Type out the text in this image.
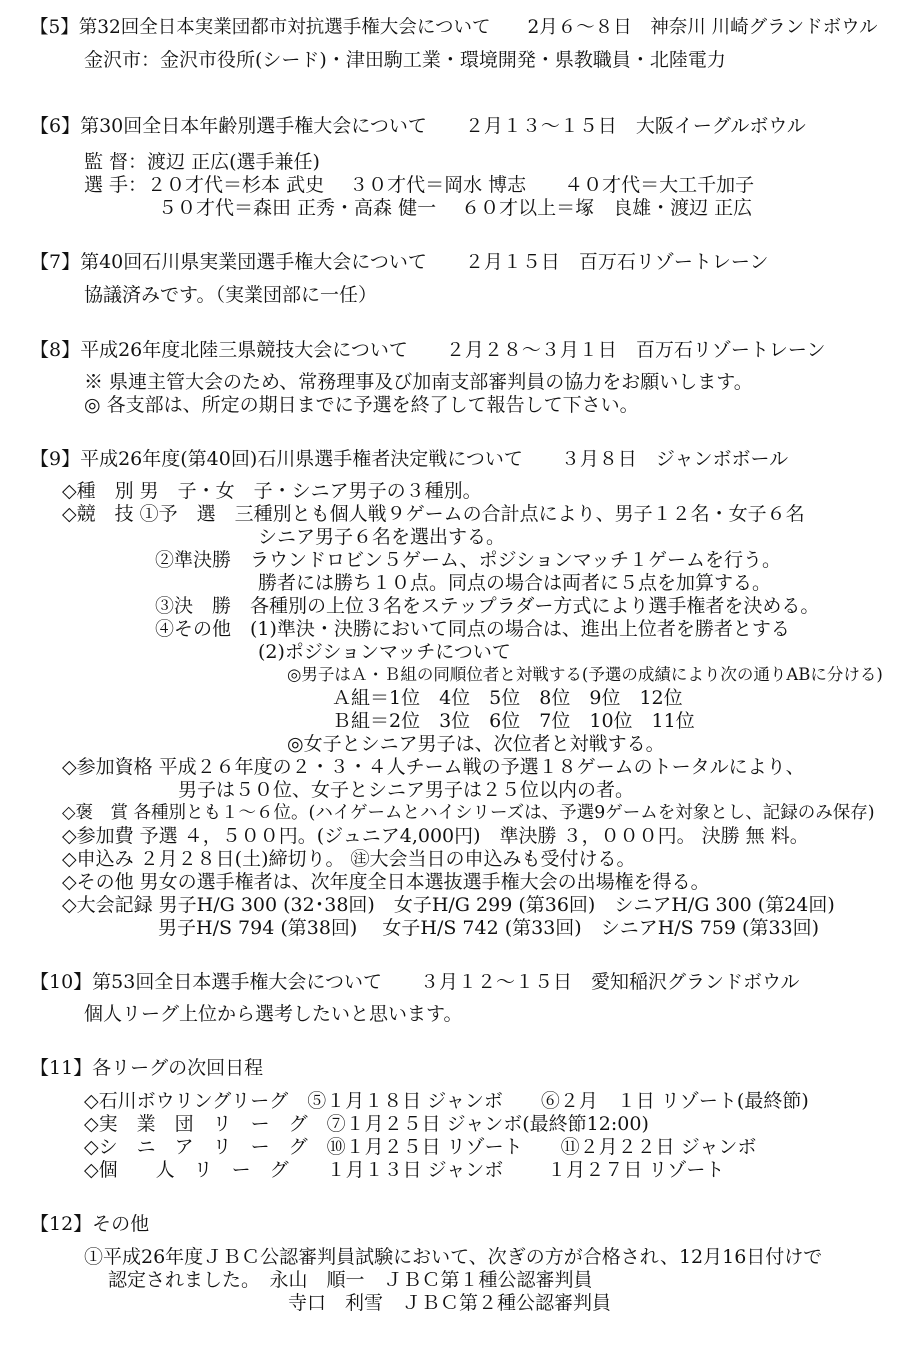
【5】第32回全日本実業団都市対抗選手権大会について　　2月６～８日　神奈川 川崎グランドボウル
金沢市：金沢市役所(シード)・津田駒工業・環境開発・県教職員・北陸電力
【6】第30回全日本年齢別選手権大会について　　２月１３～１５日　大阪イーグルボウル
監 督：渡辺 正広(選手兼任)
選 手：２０才代＝杉本 武史　 ３０才代＝岡水 博志　　４０才代＝大工千加子
５０才代＝森田 正秀・高森 健一　 ６０才以上＝塚　良雄・渡辺 正広
【7】第40回石川県実業団選手権大会について　　２月１５日　百万石リゾートレーン
協議済みです。（実業団部に一任）
【8】平成26年度北陸三県競技大会について　　２月２８～３月１日　百万石リゾートレーン
※ 県連主管大会のため、常務理事及び加南支部審判員の協力をお願いします。
◎ 各支部は、所定の期日までに予選を終了して報告して下さい。
【9】平成26年度(第40回)石川県選手権者決定戦について　　３月８日　ジャンボボール
◇種　別 男　子・女　子・シニア男子の３種別。
◇競　技 ①予　選　三種別とも個人戦９ゲームの合計点により、男子１２名・女子６名
シニア男子６名を選出する。
②準決勝　ラウンドロビン５ゲーム、ポジションマッチ１ゲームを行う。
勝者には勝ち１０点。同点の場合は両者に５点を加算する。
③決　勝　各種別の上位３名をステップラダー方式により選手権者を決める。
④その他　(1)準決・決勝において同点の場合は、進出上位者を勝者とする
(2)ポジションマッチについて
◎男子はＡ・Ｂ組の同順位者と対戦する(予選の成績により次の通りABに分ける)
Ａ組＝1位　4位　5位　8位　9位　12位
Ｂ組＝2位　3位　6位　7位　10位　11位
◎女子とシニア男子は、次位者と対戦する。
◇参加資格 平成２６年度の２・３・４人チーム戦の予選１８ゲームのトータルにより、
男子は５０位、女子とシニア男子は２５位以内の者。
◇褒　賞 各種別とも１～６位。(ハイゲームとハイシリーズは、予選9ゲームを対象とし、記録のみ保存)
◇参加費 予選 ４，５００円。(ジュニア4,000円)　準決勝 ３，０００円。 決勝 無 料。
◇申込み ２月２８日(土)締切り。 ㊟大会当日の申込みも受付ける。
◇その他 男女の選手権者は、次年度全日本選抜選手権大会の出場権を得る。
◇大会記録 男子H/G 300 (32･38回)　女子H/G 299 (第36回)　シニアH/G 300 (第24回)
男子H/S 794 (第38回)　 女子H/S 742 (第33回)　シニアH/S 759 (第33回)
【10】第53回全日本選手権大会について　　３月１２～１５日　愛知稲沢グランドボウル
個人リーグ上位から選考したいと思います。
【11】各リーグの次回日程
◇石川ボウリングリーグ　⑤１月１８日 ジャンボ　　⑥２月　１日 リゾート(最終節)
◇実　業　団　リ　ー　グ　⑦１月２５日 ジャンボ(最終節12:00)
◇シ　ニ　ア　リ　ー　グ　⑩１月２５日 リゾート　　⑪２月２２日 ジャンボ
◇個　　人　リ　ー　グ　　１月１３日 ジャンボ　　 １月２７日 リゾート
【12】その他
①平成26年度ＪＢＣ公認審判員試験において、次ぎの方が合格され、12月16日付けで
認定されました。　永山　順一　ＪＢＣ第１種公認審判員
寺口　利雪　ＪＢＣ第２種公認審判員
